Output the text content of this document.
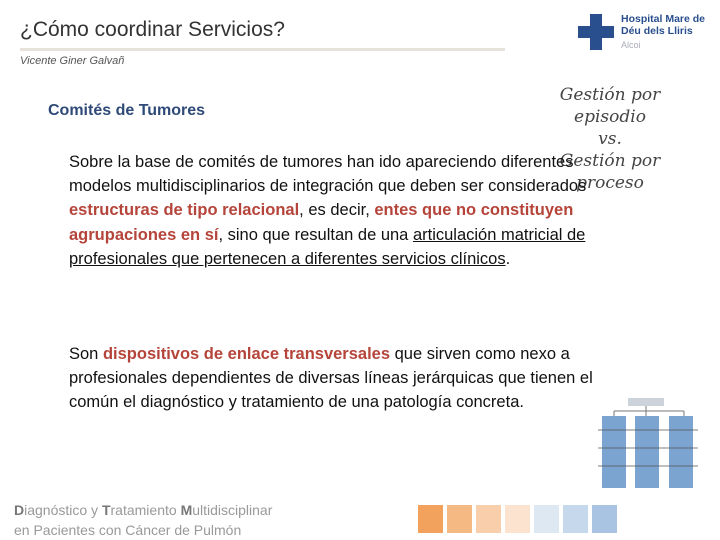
¿Cómo coordinar Servicios?
Vicente Giner Galvañ
Hospital Mare de
Déu dels Lliris
Alcoi
Comités de Tumores
Gestión por episodio
vs.
Gestión por proceso
Sobre la base de comités de tumores han ido apareciendo diferentes modelos multidisciplinarios de integración que deben ser considerados estructuras de tipo relacional, es decir, entes que no constituyen agrupaciones en sí, sino que resultan de una articulación matricial de profesionales que pertenecen a diferentes servicios clínicos.
Son dispositivos de enlace transversales que sirven como nexo a profesionales dependientes de diversas líneas jerárquicas que tienen el común el diagnóstico y tratamiento de una patología concreta.
Diagnóstico y Tratamiento Multidisciplinar
en Pacientes con Cáncer de Pulmón
